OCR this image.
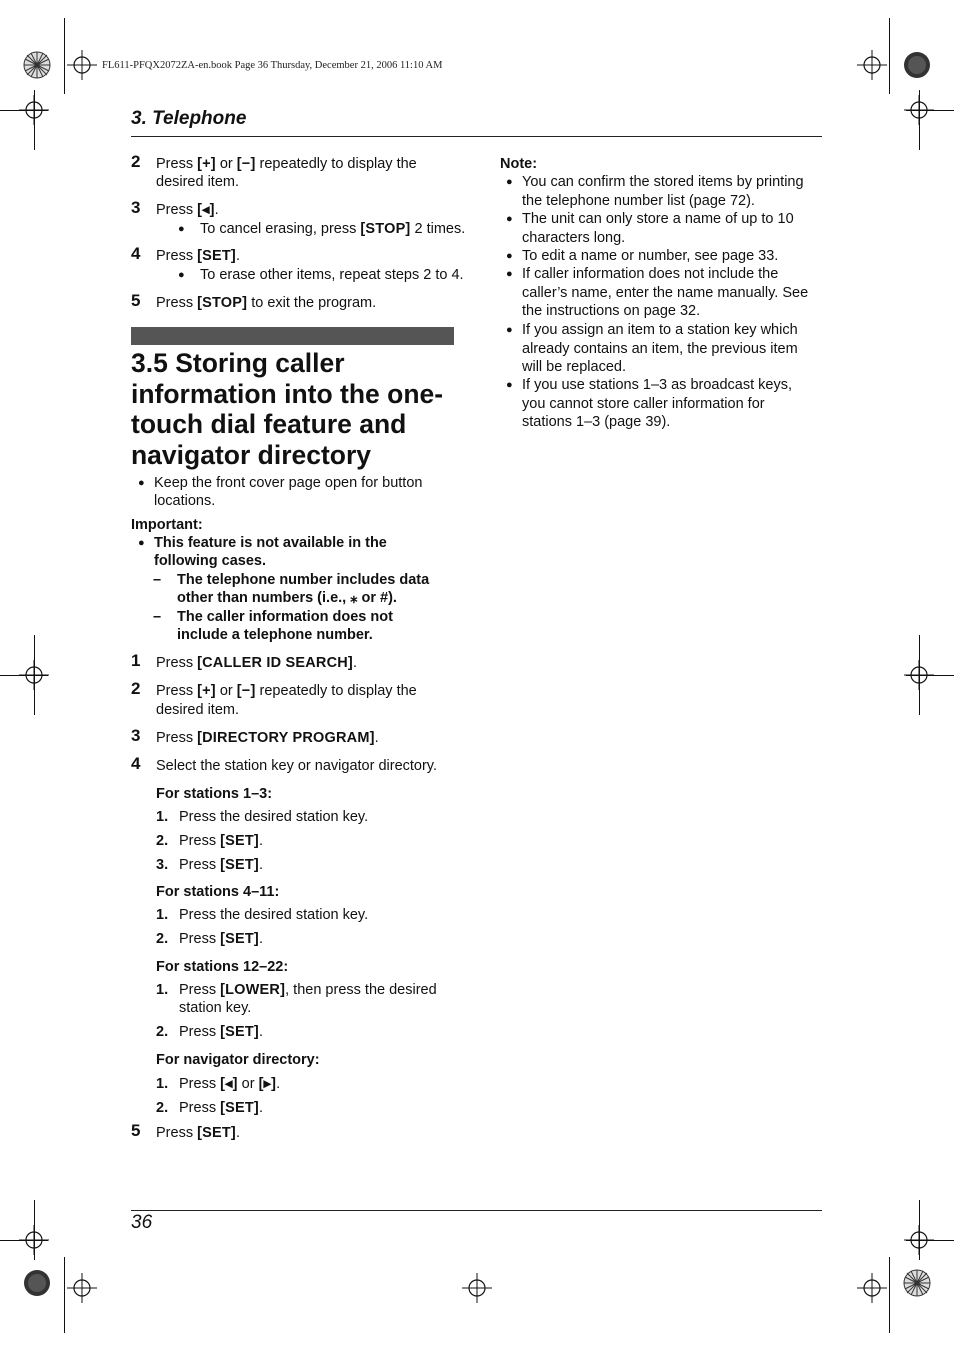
FL611-PFQX2072ZA-en.book Page 36 Thursday, December 21, 2006 11:10 AM
3. Telephone
2 Press [+] or [−] repeatedly to display the
desired item.
3 Press [◂].
● To cancel erasing, press [STOP] 2 times.
4 Press [SET].
● To erase other items, repeat steps 2 to 4.
5 Press [STOP] to exit the program.
3.5 Storing caller
information into the one-
touch dial feature and
navigator directory
● Keep the front cover page open for button
locations.
Important:
● This feature is not available in the
following cases.
– The telephone number includes data
other than numbers (i.e., ⁎ or #).
– The caller information does not
include a telephone number.
1 Press [CALLER ID SEARCH].
2 Press [+] or [−] repeatedly to display the
desired item.
3 Press [DIRECTORY PROGRAM].
4 Select the station key or navigator directory.
For stations 1–3:
1. Press the desired station key.
2. Press [SET].
3. Press [SET].
For stations 4–11:
1. Press the desired station key.
2. Press [SET].
For stations 12–22:
1. Press [LOWER], then press the desired
station key.
2. Press [SET].
For navigator directory:
1. Press [◂] or [▸].
2. Press [SET].
5 Press [SET].
Note:
● You can confirm the stored items by printing
the telephone number list (page 72).
● The unit can only store a name of up to 10
characters long.
● To edit a name or number, see page 33.
● If caller information does not include the
caller’s name, enter the name manually. See
the instructions on page 32.
● If you assign an item to a station key which
already contains an item, the previous item
will be replaced.
● If you use stations 1–3 as broadcast keys,
you cannot store caller information for
stations 1–3 (page 39).
36
